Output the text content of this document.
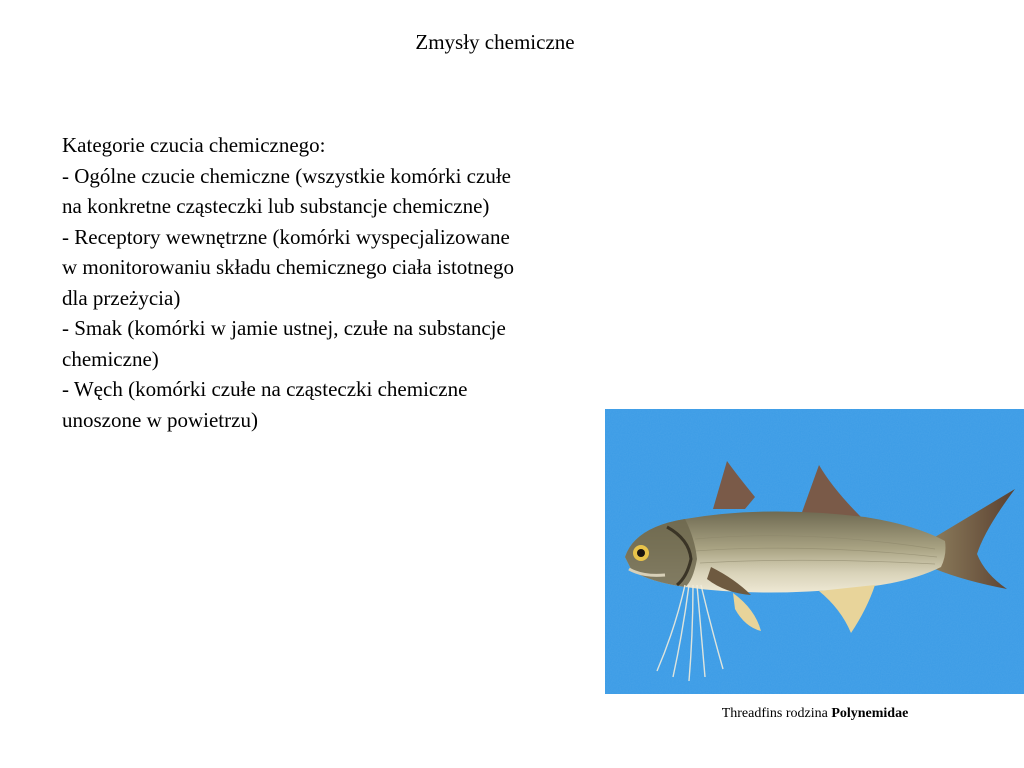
Zmysły chemiczne
Kategorie czucia chemicznego:
- Ogólne czucie chemiczne (wszystkie komórki czułe
na konkretne cząsteczki lub substancje chemiczne)
- Receptory wewnętrzne (komórki wyspecjalizowane
w monitorowaniu składu chemicznego ciała istotnego
dla przeżycia)
- Smak (komórki w jamie ustnej, czułe na substancje
chemiczne)
- Węch (komórki czułe na cząsteczki chemiczne
unoszone w powietrzu)
Threadfins rodzina Polynemidae
